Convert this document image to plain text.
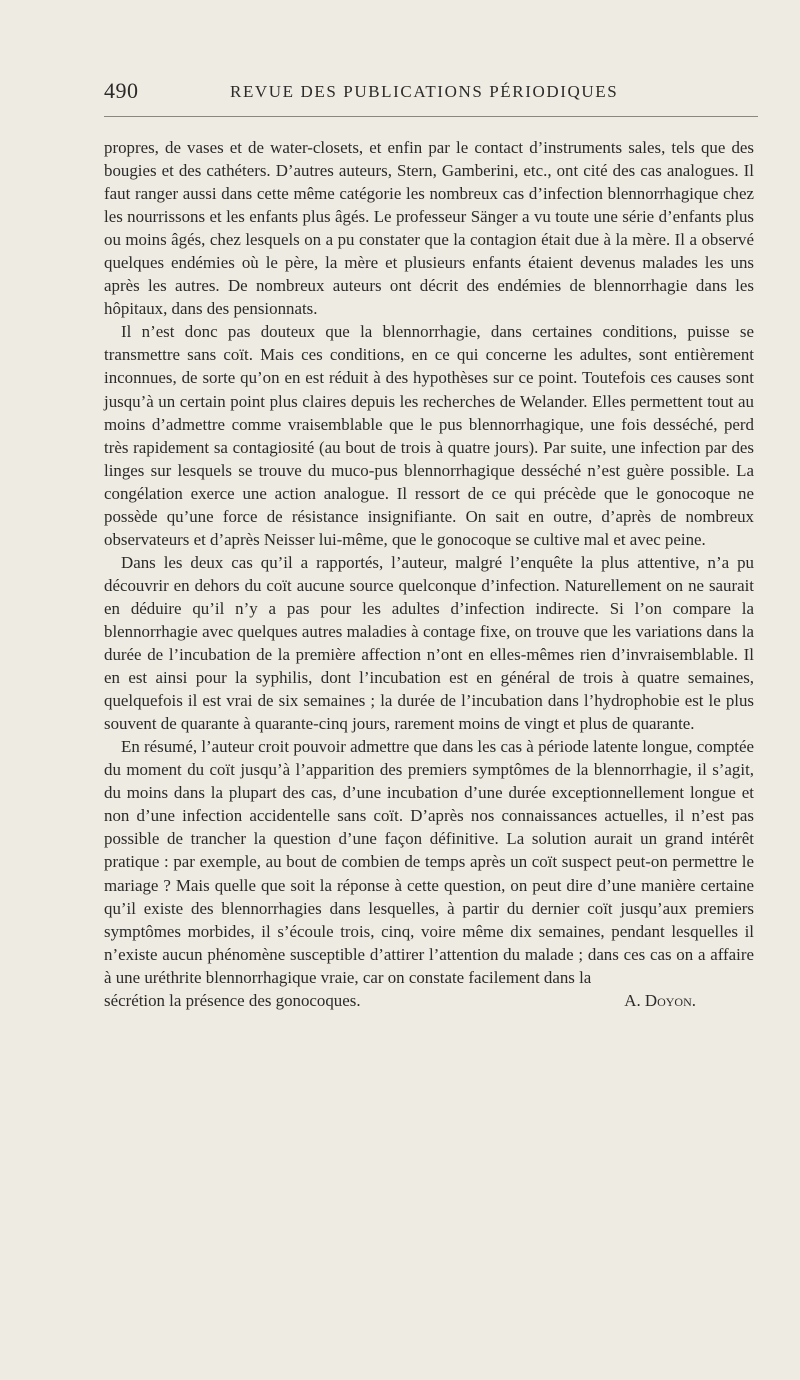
490	REVUE DES PUBLICATIONS PÉRIODIQUES

propres, de vases et de water-closets, et enfin par le contact d’instruments sales, tels que des bougies et des cathéters. D’autres auteurs, Stern, Gamberini, etc., ont cité des cas analogues. Il faut ranger aussi dans cette même catégorie les nombreux cas d’infection blennorrhagique chez les nourrissons et les enfants plus âgés. Le professeur Sänger a vu toute une série d’enfants plus ou moins âgés, chez lesquels on a pu constater que la contagion était due à la mère. Il a observé quelques endémies où le père, la mère et plusieurs enfants étaient devenus malades les uns après les autres. De nombreux auteurs ont décrit des endémies de blennorrhagie dans les hôpitaux, dans des pensionnats.

Il n’est donc pas douteux que la blennorrhagie, dans certaines conditions, puisse se transmettre sans coït. Mais ces conditions, en ce qui concerne les adultes, sont entièrement inconnues, de sorte qu’on en est réduit à des hypothèses sur ce point. Toutefois ces causes sont jusqu’à un certain point plus claires depuis les recherches de Welander. Elles permettent tout au moins d’admettre comme vraisemblable que le pus blennorrhagique, une fois desséché, perd très rapidement sa contagiosité (au bout de trois à quatre jours). Par suite, une infection par des linges sur lesquels se trouve du muco-pus blennorrhagique desséché n’est guère possible. La congélation exerce une action analogue. Il ressort de ce qui précède que le gonocoque ne possède qu’une force de résistance insignifiante. On sait en outre, d’après de nombreux observateurs et d’après Neisser lui-même, que le gonocoque se cultive mal et avec peine.

Dans les deux cas qu’il a rapportés, l’auteur, malgré l’enquête la plus attentive, n’a pu découvrir en dehors du coït aucune source quelconque d’infection. Naturellement on ne saurait en déduire qu’il n’y a pas pour les adultes d’infection indirecte. Si l’on compare la blennorrhagie avec quelques autres maladies à contage fixe, on trouve que les variations dans la durée de l’incubation de la première affection n’ont en elles-mêmes rien d’invraisemblable. Il en est ainsi pour la syphilis, dont l’incubation est en général de trois à quatre semaines, quelquefois il est vrai de six semaines ; la durée de l’incubation dans l’hydrophobie est le plus souvent de quarante à quarante-cinq jours, rarement moins de vingt et plus de quarante.

En résumé, l’auteur croit pouvoir admettre que dans les cas à période latente longue, comptée du moment du coït jusqu’à l’apparition des premiers symptômes de la blennorrhagie, il s’agit, du moins dans la plupart des cas, d’une incubation d’une durée exceptionnellement longue et non d’une infection accidentelle sans coït. D’après nos connaissances actuelles, il n’est pas possible de trancher la question d’une façon définitive. La solution aurait un grand intérêt pratique : par exemple, au bout de combien de temps après un coït suspect peut-on permettre le mariage ? Mais quelle que soit la réponse à cette question, on peut dire d’une manière certaine qu’il existe des blennorrhagies dans lesquelles, à partir du dernier coït jusqu’aux premiers symptômes morbides, il s’écoule trois, cinq, voire même dix semaines, pendant lesquelles il n’existe aucun phénomène susceptible d’attirer l’attention du malade ; dans ces cas on a affaire à une uréthrite blennorrhagique vraie, car on constate facilement dans la

sécrétion la présence des gonocoques.	A. Doyon.
